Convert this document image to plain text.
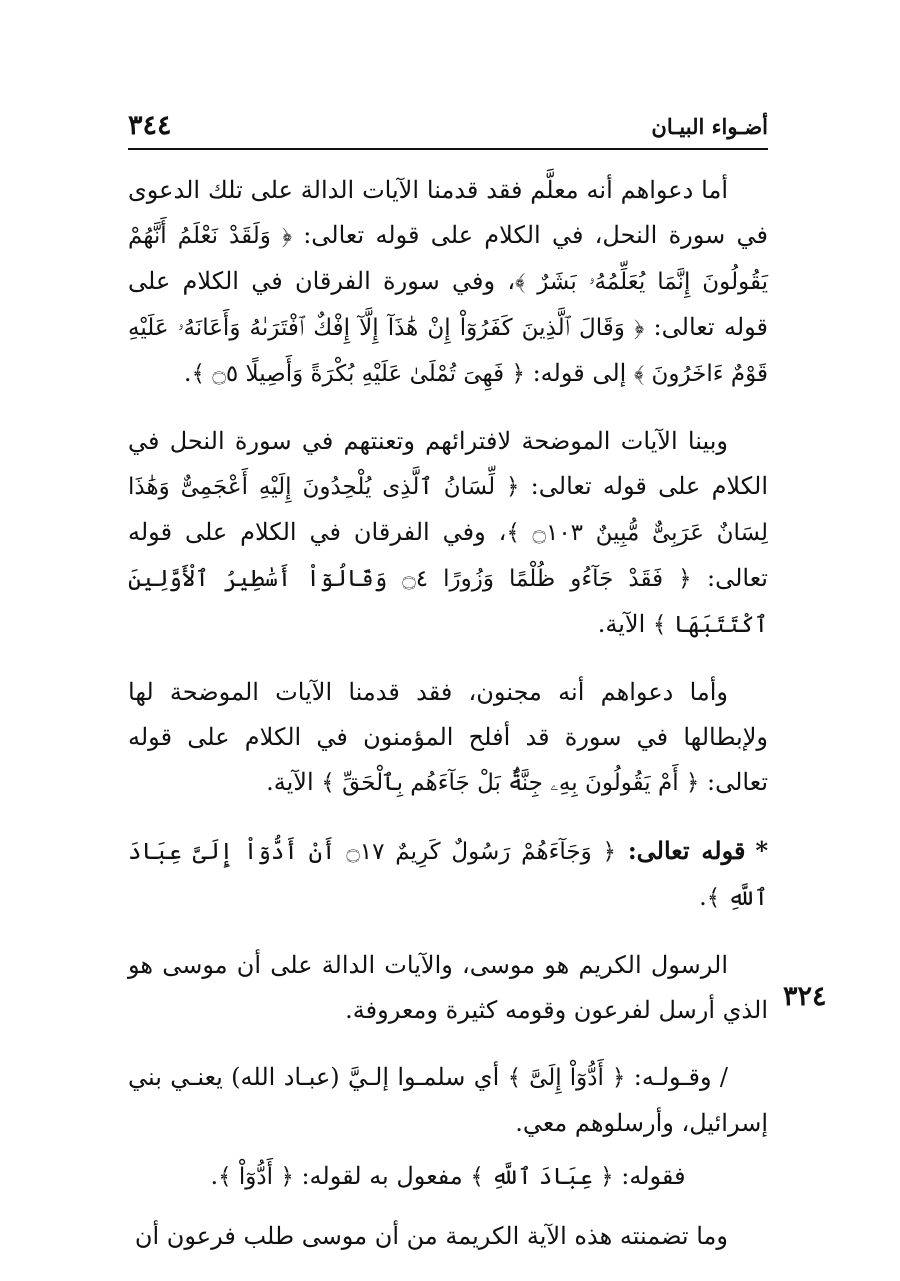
أضـواء البيـان
٣٤٤
٣٢٤

أما دعواهم أنه معلَّم فقد قدمنا الآيات الدالة على تلك الدعوى في سورة النحل، في الكلام على قوله تعالى: ﴿ وَلَقَدْ نَعْلَمُ أَنَّهُمْ يَقُولُونَ إِنَّمَا يُعَلِّمُهُۥ بَشَرٌ ﴾، وفي سورة الفرقان في الكلام على قوله تعالى: ﴿ وَقَالَ ٱلَّذِينَ كَفَرُوٓاْ إِنْ هَٰذَآ إِلَّآ إِفْكٌ ٱفْتَرَىٰهُ وَأَعَانَهُۥ عَلَيْهِ قَوْمٌ ءَاخَرُونَ ﴾ إلى قوله: ﴿ فَهِىَ تُمْلَىٰ عَلَيْهِ بُكْرَةً وَأَصِيلًا ۝٥ ﴾.

وبينا الآيات الموضحة لافترائهم وتعنتهم في سورة النحل في الكلام على قوله تعالى: ﴿ لِّسَانُ ٱلَّذِى يُلْحِدُونَ إِلَيْهِ أَعْجَمِىٌّ وَهَٰذَا لِسَانٌ عَرَبِىٌّ مُّبِينٌ ۝١٠٣ ﴾، وفي الفرقان في الكلام على قوله تعالى: ﴿ فَقَدْ جَآءُو ظُلْمًا وَزُورًا ۝٤ وَقَالُوٓاْ أَسَٰطِيرُ ٱلْأَوَّلِينَ ٱكْتَتَبَهَا ﴾ الآية.

وأما دعواهم أنه مجنون، فقد قدمنا الآيات الموضحة لها ولإبطالها في سورة قد أفلح المؤمنون في الكلام على قوله تعالى: ﴿ أَمْ يَقُولُونَ بِهِۦ جِنَّةٌۢ بَلْ جَآءَهُم بِٱلْحَقِّ ﴾ الآية.

*قوله تعالى: ﴿ وَجَآءَهُمْ رَسُولٌ كَرِيمٌ ۝١٧ أَنْ أَدُّوٓاْ إِلَىَّ عِبَادَ ٱللَّهِ ﴾.

الرسول الكريم هو موسى، والآيات الدالة على أن موسى هو الذي أرسل لفرعون وقومه كثيرة ومعروفة.

/ وقـولـه: ﴿ أَدُّوٓاْ إِلَىَّ ﴾ أي سلمـوا إلـيَّ (عبـاد الله) يعنـي بني إسرائيل، وأرسلوهم معي.

فقوله: ﴿ عِبَادَ ٱللَّهِ ﴾ مفعول به لقوله: ﴿ أَدُّوٓاْ ﴾.

وما تضمنته هذه الآية الكريمة من أن موسى طلب فرعون أن
